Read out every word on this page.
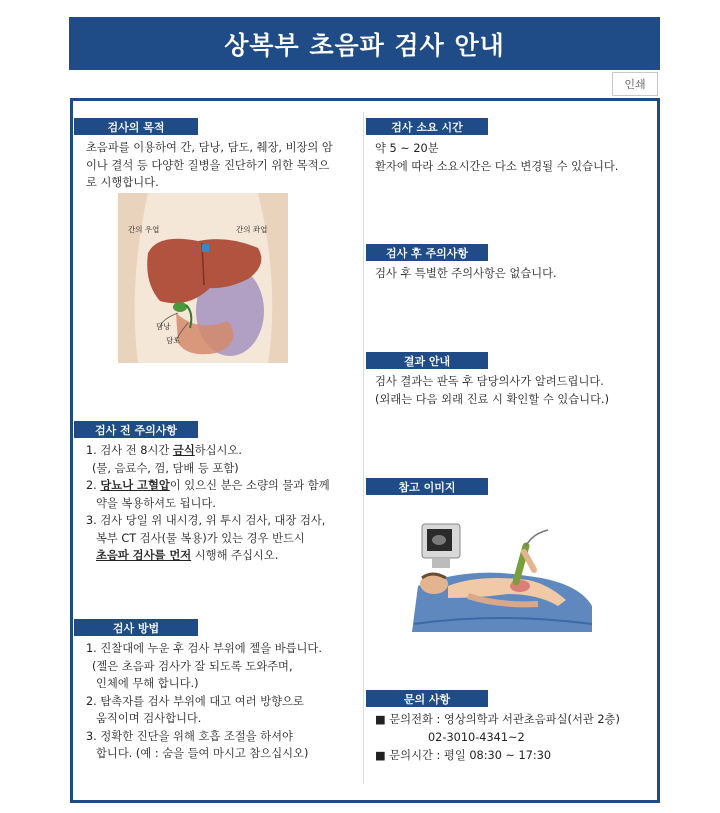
상복부 초음파 검사 안내
인쇄
검사의 목적

초음파를 이용하여 간, 담낭, 담도, 췌장, 비장의 암

이나 결석 등 다양한 질병을 진단하기 위한 목적으

로 시행합니다.

간의 우엽	간의 좌엽
담낭
담도
검사 전 주의사항
1. 검사 전 8시간 금식하십시오.
(물, 음료수, 껌, 담배 등 포함)
2. 당뇨나 고혈압이 있으신 분은 소량의 물과 함께
약을 복용하셔도 됩니다.
3. 검사 당일 위 내시경, 위 투시 검사, 대장 검사,
복부 CT 검사(물 복용)가 있는 경우 반드시
초음파 검사를 먼저 시행해 주십시오.
검사 방법
1. 진찰대에 누운 후 검사 부위에 젤을 바릅니다.
(젤은 초음파 검사가 잘 되도록 도와주며,
인체에 무해 합니다.)
2. 탐촉자를 검사 부위에 대고 여러 방향으로
움직이며 검사합니다.
3. 정확한 진단을 위해 호흡 조절을 하셔야
합니다. (예 : 숨을 들여 마시고 참으십시오)
검사 소요 시간

약 5 ~ 20분

환자에 따라 소요시간은 다소 변경될 수 있습니다.

검사 후 주의사항

검사 후 특별한 주의사항은 없습니다.

결과 안내

검사 결과는 판독 후 담당의사가 알려드립니다.

(외래는 다음 외래 진료 시 확인할 수 있습니다.)

참고 이미지
문의 사항

■ 문의전화 : 영상의학과 서관초음파실(서관 2층)

02-3010-4341~2

■ 문의시간 : 평일 08:30 ~ 17:30
